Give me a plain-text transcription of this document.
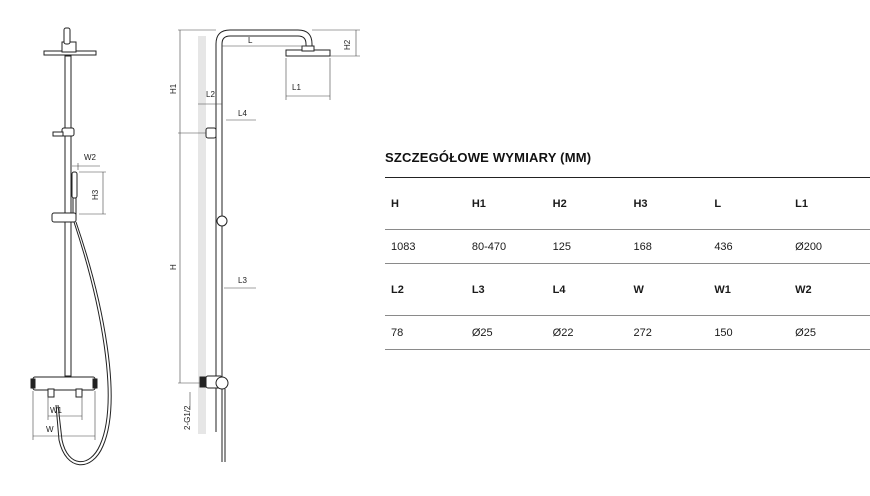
W2
H3
W1
W
H1
H
L	H2
L1
L2
L4
L3
2-G1/2
SZCZEGÓŁOWE WYMIARY (MM)
H	H1	H2	H3	L	L1
1083	80-470	125	168	436	Ø200
L2	L3	L4	W	W1	W2
78	Ø25	Ø22	272	150	Ø25
